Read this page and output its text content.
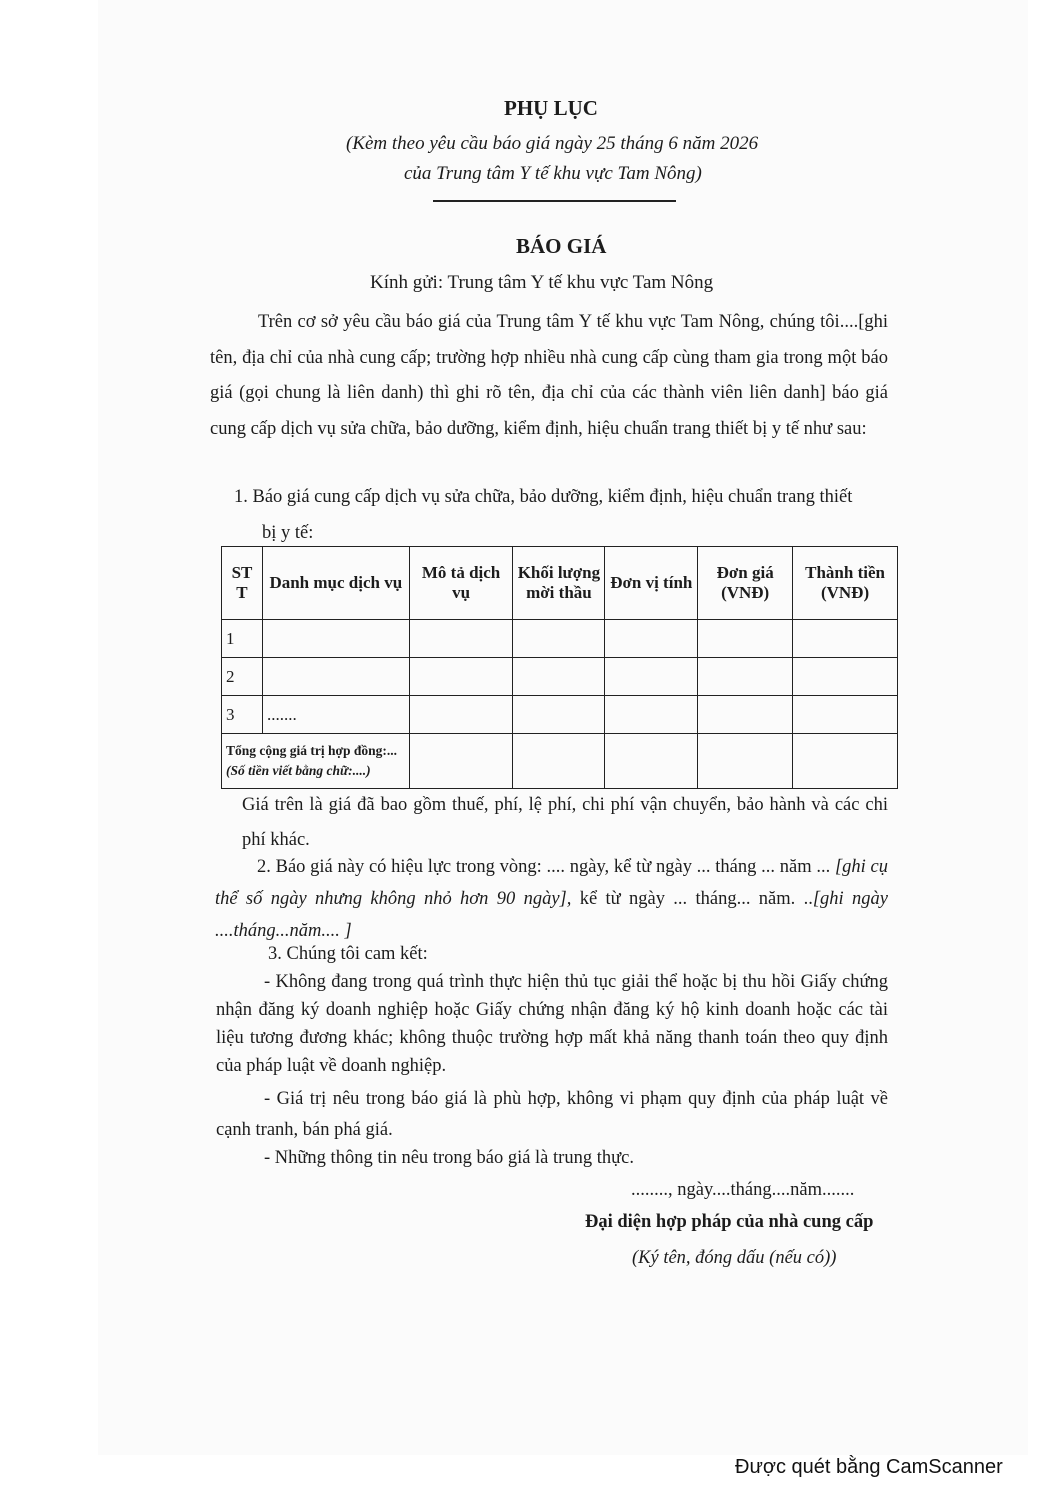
PHỤ LỤC
(Kèm theo yêu cầu báo giá ngày 25 tháng 6 năm 2026
của Trung tâm Y tế khu vực Tam Nông)
BÁO GIÁ
Kính gửi: Trung tâm Y tế khu vực Tam Nông
Trên cơ sở yêu cầu báo giá của Trung tâm Y tế khu vực Tam Nông, chúng tôi....[ghi tên, địa chỉ của nhà cung cấp; trường hợp nhiều nhà cung cấp cùng tham gia trong một báo giá (gọi chung là liên danh) thì ghi rõ tên, địa chỉ của các thành viên liên danh] báo giá cung cấp dịch vụ sửa chữa, bảo dưỡng, kiểm định, hiệu chuẩn trang thiết bị y tế như sau:
1. Báo giá cung cấp dịch vụ sửa chữa, bảo dưỡng, kiểm định, hiệu chuẩn trang thiết
bị y tế:
ST T	Danh mục dịch vụ	Mô tả dịch vụ	Khối lượng mời thầu	Đơn vị tính	Đơn giá (VNĐ)	Thành tiền (VNĐ)
1						
2						
3	.......					

Tổng cộng giá trị hợp đồng:...
(Số tiền viết bằng chữ:....)						

Giá trên là giá đã bao gồm thuế, phí, lệ phí, chi phí vận chuyển, bảo hành và các chi phí khác.
2. Báo giá này có hiệu lực trong vòng: .... ngày, kể từ ngày ... tháng ... năm ... [ghi cụ thể số ngày nhưng không nhỏ hơn 90 ngày], kể từ ngày ... tháng... năm. ..[ghi ngày ....tháng...năm.... ]
3. Chúng tôi cam kết:
- Không đang trong quá trình thực hiện thủ tục giải thể hoặc bị thu hồi Giấy chứng nhận đăng ký doanh nghiệp hoặc Giấy chứng nhận đăng ký hộ kinh doanh hoặc các tài liệu tương đương khác; không thuộc trường hợp mất khả năng thanh toán theo quy định của pháp luật về doanh nghiệp.
- Giá trị nêu trong báo giá là phù hợp, không vi phạm quy định của pháp luật về cạnh tranh, bán phá giá.
- Những thông tin nêu trong báo giá là trung thực.
........, ngày....tháng....năm.......
Đại diện hợp pháp của nhà cung cấp
(Ký tên, đóng dấu (nếu có))
Được quét bằng CamScanner
